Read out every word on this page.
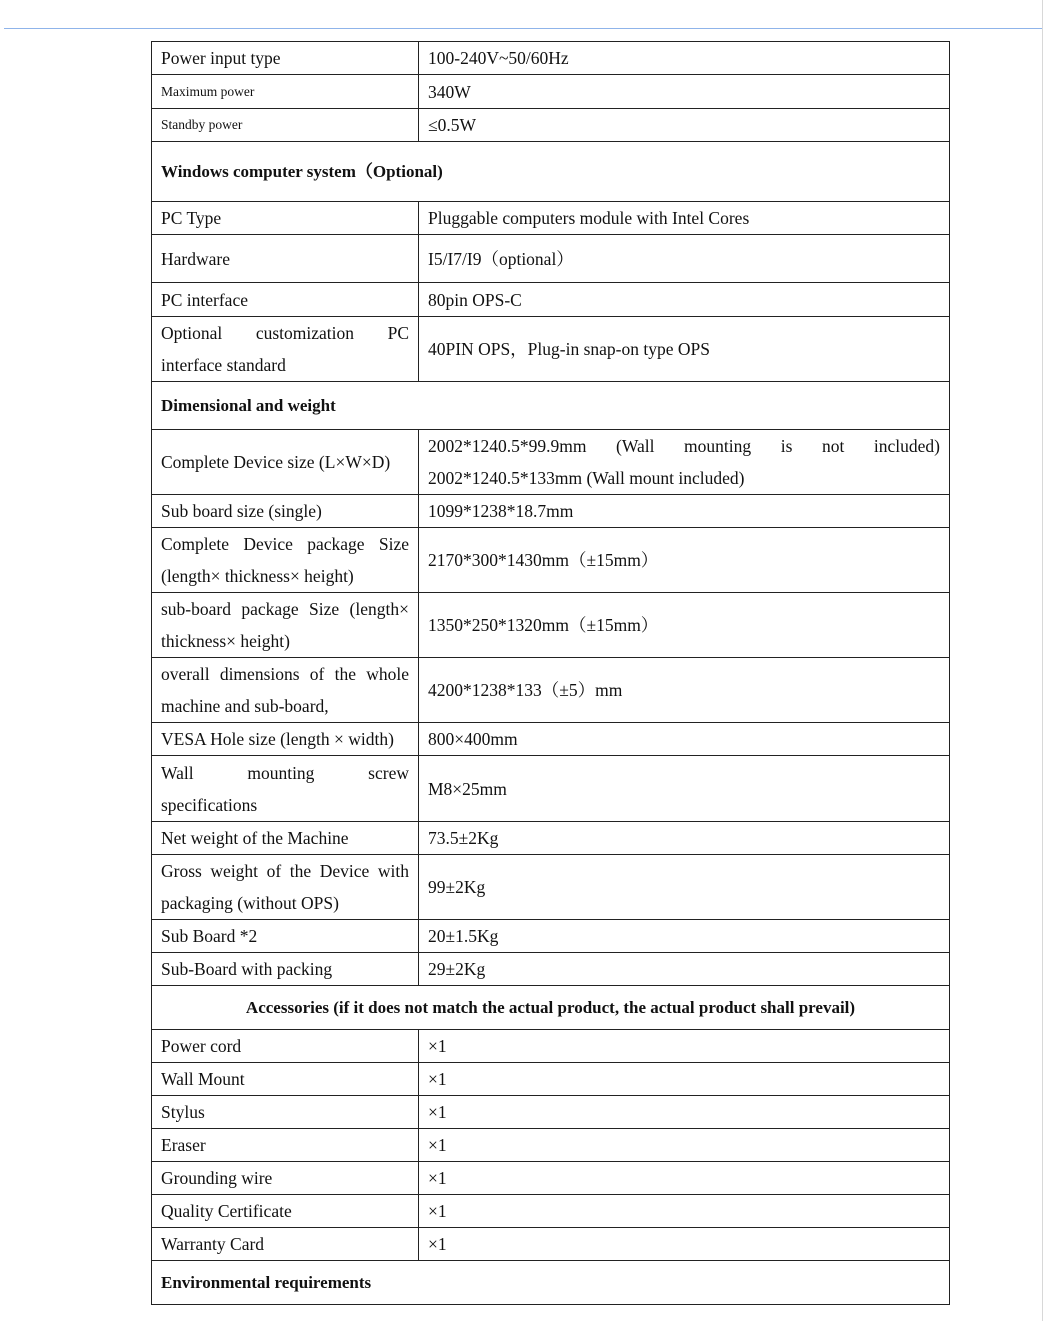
Power input type	100-240V~50/60Hz
Maximum power	340W
Standby power	≤0.5W
Windows computer system（Optional)	
PC Type	Pluggable computers module with Intel Cores
Hardware	I5/I7/I9（optional）
PC interface	80pin OPS-C

Optional customization PC
interface standard	40PIN OPS，Plug-in snap-on type OPS
Dimensional and weight	
Complete Device size (L×W×D)	2002*1240.5*99.9mm (Wall mounting is not included)
2002*1240.5*133mm (Wall mount included)

Sub board size (single)	1099*1238*18.7mm

Complete Device package Size
(length× thickness× height)	2170*300*1430mm（±15mm）

sub-board package Size (length×
thickness× height)	1350*250*1320mm（±15mm）

overall dimensions of the whole
machine and sub-board,	4200*1238*133（±5）mm
VESA Hole size (length × width)	800×400mm

Wall mounting screw
specifications	M8×25mm
Net weight of the Machine	73.5±2Kg

Gross weight of the Device with
packaging (without OPS)	99±2Kg
Sub Board *2	20±1.5Kg
Sub-Board with packing	29±2Kg
Accessories (if it does not match the actual product, the actual product shall prevail)	
Power cord	×1
Wall Mount	×1
Stylus	×1
Eraser	×1
Grounding wire	×1
Quality Certificate	×1
Warranty Card	×1
Environmental requirements	
